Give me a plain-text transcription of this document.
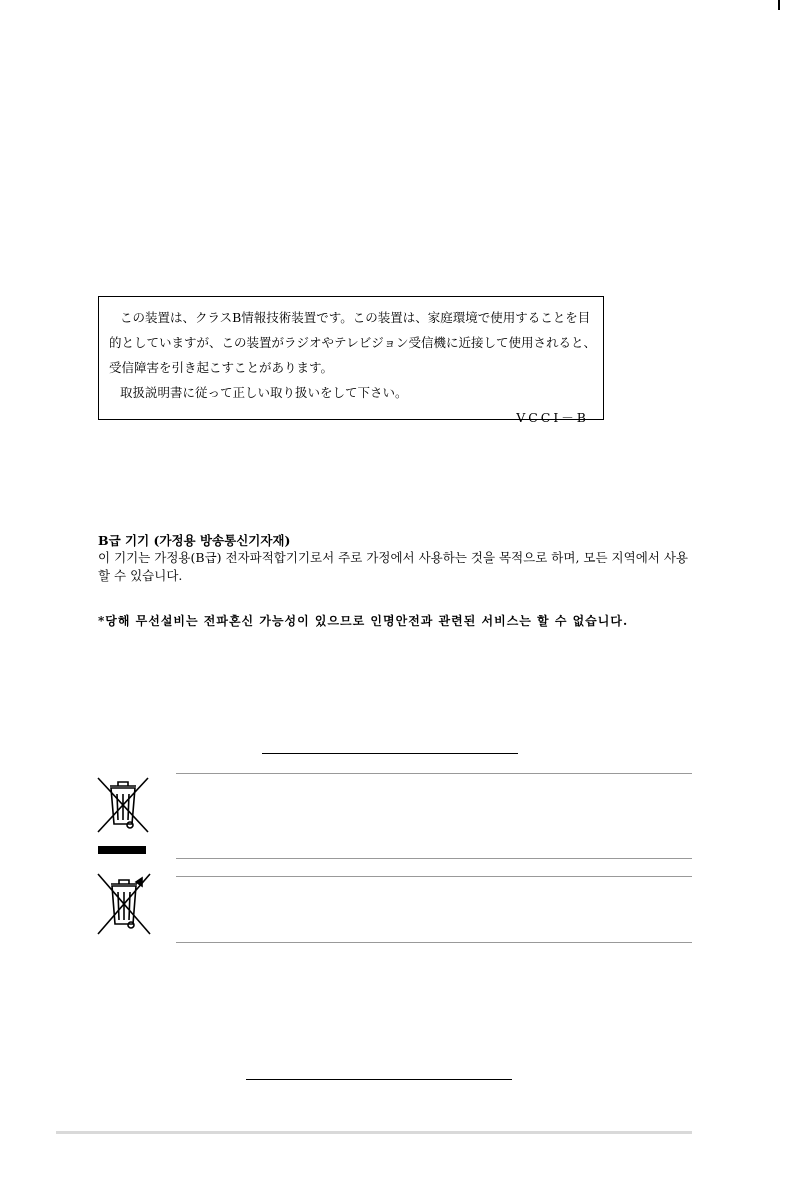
この装置は、クラスB情報技術装置です。この装置は、家庭環境で使用することを目

的としていますが、この装置がラジオやテレビジョン受信機に近接して使用されると、

受信障害を引き起こすことがあります。

取扱説明書に従って正しい取り扱いをして下さい。

VCCI－B

B급 기기 (가정용 방송통신기자재)

이 기기는 가정용(B급) 전자파적합기기로서 주로 가정에서 사용하는 것을 목적으로 하며, 모든 지역에서 사용할 수 있습니다.

*당해 무선설비는 전파혼신 가능성이 있으므로 인명안전과 관련된 서비스는 할 수 없습니다.
